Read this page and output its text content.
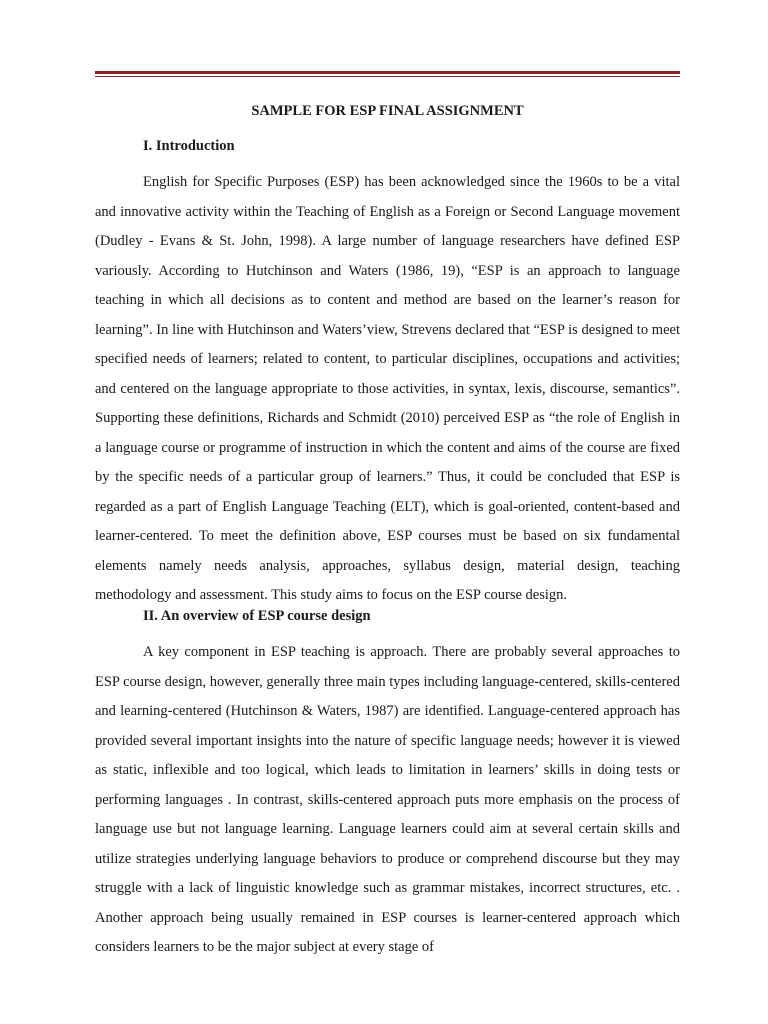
SAMPLE FOR ESP FINAL ASSIGNMENT
I. Introduction

English for Specific Purposes (ESP) has been acknowledged since the 1960s to be a vital and innovative activity within the Teaching of English as a Foreign or Second Language movement (Dudley - Evans & St. John, 1998). A large number of language researchers have defined ESP variously. According to Hutchinson and Waters (1986, 19), “ESP is an approach to language teaching in which all decisions as to content and method are based on the learner’s reason for learning”. In line with Hutchinson and Waters’view, Strevens declared that “ESP is designed to meet specified needs of learners; related to content, to particular disciplines, occupations and activities; and centered on the language appropriate to those activities, in syntax, lexis, discourse, semantics”. Supporting these definitions, Richards and Schmidt (2010) perceived ESP as “the role of English in a language course or programme of instruction in which the content and aims of the course are fixed by the specific needs of a particular group of learners.” Thus, it could be concluded that ESP is regarded as a part of English Language Teaching (ELT), which is goal-oriented, content-based and learner-centered. To meet the definition above, ESP courses must be based on six fundamental elements namely needs analysis, approaches, syllabus design, material design, teaching methodology and assessment. This study aims to focus on the ESP course design.

II. An overview of ESP course design

A key component in ESP teaching is approach. There are probably several approaches to ESP course design, however, generally three main types including language-centered, skills-centered and learning-centered (Hutchinson & Waters, 1987) are identified. Language-centered approach has provided several important insights into the nature of specific language needs; however it is viewed as static, inflexible and too logical, which leads to limitation in learners’ skills in doing tests or performing languages . In contrast, skills-centered approach puts more emphasis on the process of language use but not language learning. Language learners could aim at several certain skills and utilize strategies underlying language behaviors to produce or comprehend discourse but they may struggle with a lack of linguistic knowledge such as grammar mistakes, incorrect structures, etc. . Another approach being usually remained in ESP courses is learner-centered approach which considers learners to be the major subject at every stage of
